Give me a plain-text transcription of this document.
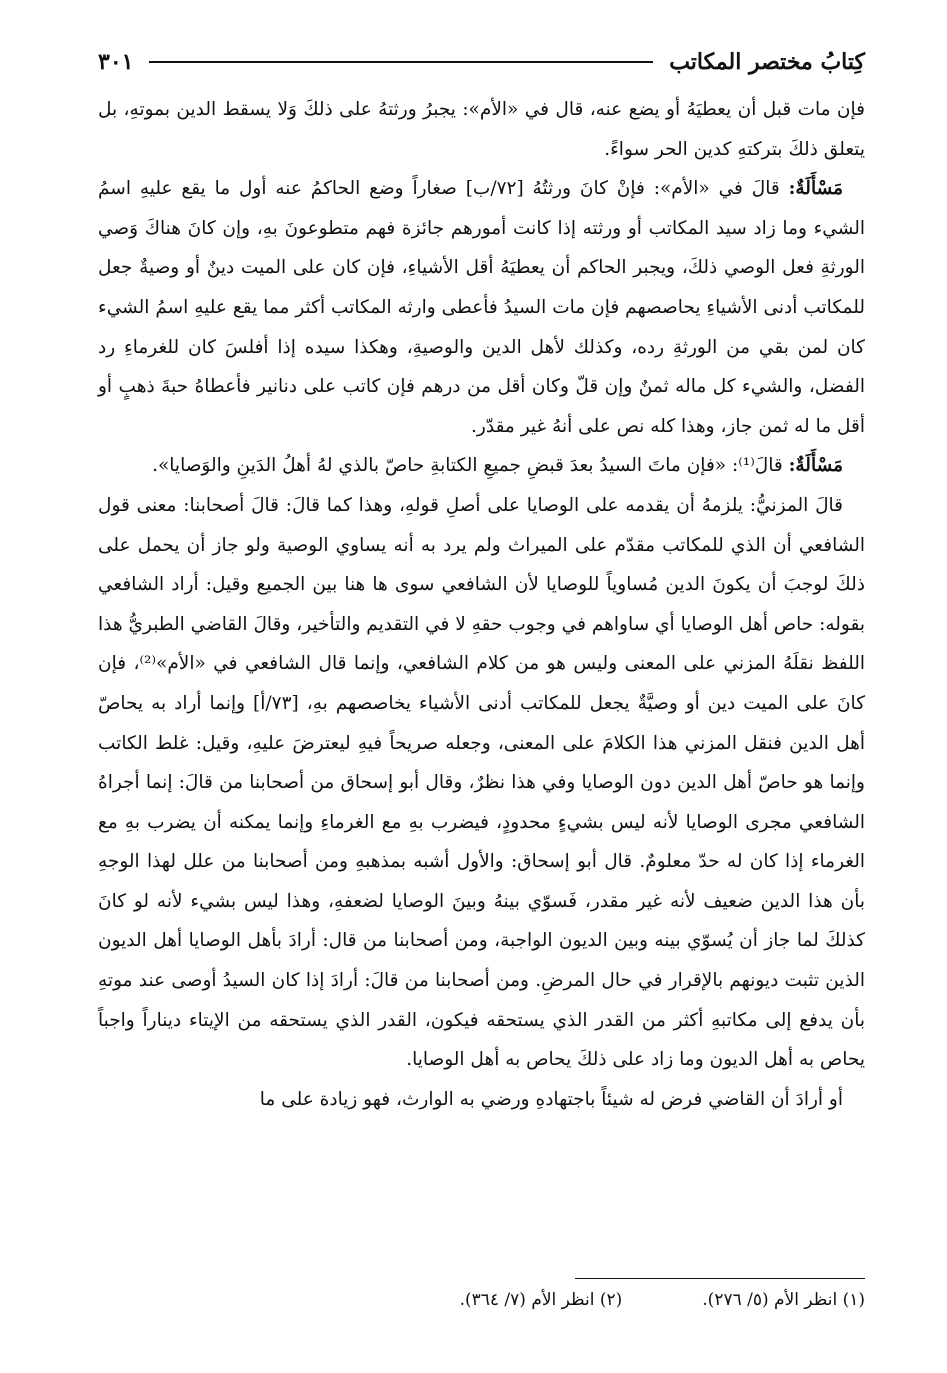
كِتابُ مختصر المكاتب
٣٠١

فإن مات قبل أن يعطيَهُ أو يضع عنه، قال في «الأم»: يجبرُ ورثتهُ على ذلكَ وَلا يسقط الدين بموتهِ، بل يتعلق ذلكَ بتركتهِ كدين الحر سواءً.

مَسْأَلَةٌ: قالَ في «الأم»: فإنْ كانَ ورثتُهُ [٧٢/ب] صغاراً وضع الحاكمُ عنه أول ما يقع عليهِ اسمُ الشيء وما زاد سيد المكاتب أو ورثته إذا كانت أمورهم جائزة فهم متطوعونَ بهِ، وإن كانَ هناكَ وَصي الورثةِ فعل الوصي ذلكَ، ويجبر الحاكم أن يعطيَهُ أقل الأشياءِ، فإن كان على الميت دينٌ أو وصيةٌ جعل للمكاتب أدنى الأشياءِ يحاصصهم فإن مات السيدُ فأعطى وارثه المكاتب أكثر مما يقع عليهِ اسمُ الشيء كان لمن بقي من الورثةِ رده، وكذلك لأهل الدين والوصيةِ، وهكذا سيده إذا أفلسَ كان للغرماءِ رد الفضل، والشيء كل ماله ثمنٌ وإن قلّ وكان أقل من درهم فإن كاتب على دنانير فأعطاهُ حبةَ ذهبٍ أو أقل ما له ثمن جاز، وهذا كله نص على أنهُ غير مقدّر.

مَسْأَلَةٌ: قالَ⁽¹⁾: «فإن ماتَ السيدُ بعدَ قبضِ جميعِ الكتابةِ حاصّ بالذي لهُ أهلُ الدَينِ والوَصايا».

قالَ المزنيُّ: يلزمهُ أن يقدمه على الوصايا على أصلِ قولهِ، وهذا كما قالَ: قالَ أصحابنا: معنى قول الشافعي أن الذي للمكاتب مقدّم على الميراث ولم يرد به أنه يساوي الوصية ولو جاز أن يحمل على ذلكَ لوجبَ أن يكونَ الدين مُساوياً للوصايا لأن الشافعي سوى ها هنا بين الجميع وقيل: أراد الشافعي بقوله: حاص أهل الوصايا أي ساواهم في وجوب حقهِ لا في التقديم والتأخير، وقالَ القاضي الطبريُّ هذا اللفظ نقلَهُ المزني على المعنى وليس هو من كلام الشافعي، وإنما قال الشافعي في «الأم»⁽²⁾، فإن كانَ على الميت دين أو وصيَّةٌ يجعل للمكاتب أدنى الأشياء يخاصصهم بهِ، [٧٣/أ] وإنما أراد به يحاصّ أهل الدين فنقل المزني هذا الكلامَ على المعنى، وجعله صريحاً فيهِ ليعترضَ عليهِ، وقيل: غلط الكاتب وإنما هو حاصّ أهل الدين دون الوصايا وفي هذا نظرٌ، وقال أبو إسحاق من أصحابنا من قالَ: إنما أجراهُ الشافعي مجرى الوصايا لأنه ليس بشيءٍ محدودٍ، فيضرب بهِ مع الغرماءِ وإنما يمكنه أن يضرب بهِ مع الغرماء إذا كان له حدّ معلومٌ. قال أبو إسحاق: والأول أشبه بمذهبهِ ومن أصحابنا من علل لهذا الوجهِ بأن هذا الدين ضعيف لأنه غير مقدر، فَسوّي بينهُ وبينَ الوصايا لضعفهِ، وهذا ليس بشيء لأنه لو كانَ كذلكَ لما جاز أن يُسوّي بينه وبين الديون الواجبة، ومن أصحابنا من قال: أرادَ بأهل الوصايا أهل الديون الذين تثبت ديونهم بالإقرار في حال المرضِ. ومن أصحابنا من قالَ: أرادَ إذا كان السيدُ أوصى عند موتهِ بأن يدفع إلى مكاتبهِ أكثر من القدر الذي يستحقه فيكون، القدر الذي يستحقه من الإيتاء ديناراً واجباً يحاص به أهل الديون وما زاد على ذلكَ يحاص به أهل الوصايا.

أو أرادَ أن القاضي فرض له شيئاً باجتهادهِ ورضي به الوارث، فهو زيادة على ما

(١) انظر الأم (٥/ ٢٧٦).
(٢) انظر الأم (٧/ ٣٦٤).
